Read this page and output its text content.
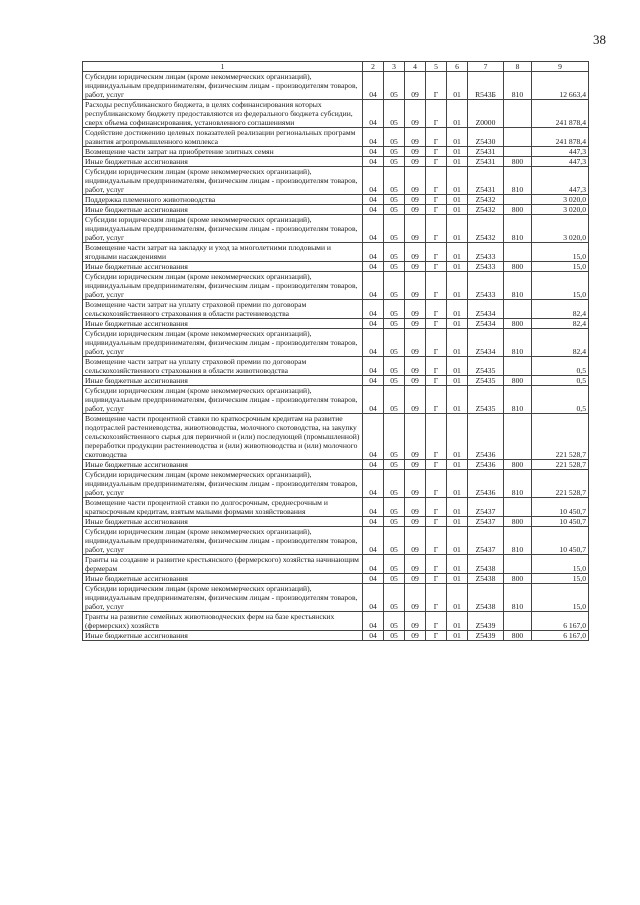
38
1	2	3	4	5	6	7	8	9
Субсидии юридическим лицам (кроме некоммерческих организаций), индивидуальным предпринимателям, физическим лицам - производителям товаров, работ, услуг	04	05	09	Г	01	R543Б	810	12 663,4
Расходы республиканского бюджета, в целях софинансирования которых республиканскому бюджету предоставляются из федерального бюджета субсидии, сверх объема софинансирования, установленного соглашениями	04	05	09	Г	01	Z0000		241 878,4
Содействие достижению целевых показателей реализации региональных программ развития агропромышленного комплекса	04	05	09	Г	01	Z5430		241 878,4
Возмещение части затрат на приобретение элитных семян	04	05	09	Г	01	Z5431		447,3
Иные бюджетные ассигнования	04	05	09	Г	01	Z5431	800	447,3
Субсидии юридическим лицам (кроме некоммерческих организаций), индивидуальным предпринимателям, физическим лицам - производителям товаров, работ, услуг	04	05	09	Г	01	Z5431	810	447,3
Поддержка племенного животноводства	04	05	09	Г	01	Z5432		3 020,0
Иные бюджетные ассигнования	04	05	09	Г	01	Z5432	800	3 020,0
Субсидии юридическим лицам (кроме некоммерческих организаций), индивидуальным предпринимателям, физическим лицам - производителям товаров, работ, услуг	04	05	09	Г	01	Z5432	810	3 020,0
Возмещение части затрат на закладку и уход за многолетними плодовыми и ягодными насаждениями	04	05	09	Г	01	Z5433		15,0
Иные бюджетные ассигнования	04	05	09	Г	01	Z5433	800	15,0
Субсидии юридическим лицам (кроме некоммерческих организаций), индивидуальным предпринимателям, физическим лицам - производителям товаров, работ, услуг	04	05	09	Г	01	Z5433	810	15,0
Возмещение части затрат на уплату страховой премии по договорам сельскохозяйственного страхования в области растениеводства	04	05	09	Г	01	Z5434		82,4
Иные бюджетные ассигнования	04	05	09	Г	01	Z5434	800	82,4
Субсидии юридическим лицам (кроме некоммерческих организаций), индивидуальным предпринимателям, физическим лицам - производителям товаров, работ, услуг	04	05	09	Г	01	Z5434	810	82,4
Возмещение части затрат на уплату страховой премии по договорам сельскохозяйственного страхования в области животноводства	04	05	09	Г	01	Z5435		0,5
Иные бюджетные ассигнования	04	05	09	Г	01	Z5435	800	0,5
Субсидии юридическим лицам (кроме некоммерческих организаций), индивидуальным предпринимателям, физическим лицам - производителям товаров, работ, услуг	04	05	09	Г	01	Z5435	810	0,5
Возмещение части процентной ставки по краткосрочным кредитам на развитие подотраслей растениеводства, животноводства, молочного скотоводства, на закупку сельскохозяйственного сырья для первичной и (или) последующей (промышленной) переработки продукции растениеводства и (или) животноводства и (или) молочного скотоводства	04	05	09	Г	01	Z5436		221 528,7
Иные бюджетные ассигнования	04	05	09	Г	01	Z5436	800	221 528,7
Субсидии юридическим лицам (кроме некоммерческих организаций), индивидуальным предпринимателям, физическим лицам - производителям товаров, работ, услуг	04	05	09	Г	01	Z5436	810	221 528,7
Возмещение части процентной ставки по долгосрочным, среднесрочным и краткосрочным кредитам, взятым малыми формами хозяйствования	04	05	09	Г	01	Z5437		10 450,7
Иные бюджетные ассигнования	04	05	09	Г	01	Z5437	800	10 450,7
Субсидии юридическим лицам (кроме некоммерческих организаций), индивидуальным предпринимателям, физическим лицам - производителям товаров, работ, услуг	04	05	09	Г	01	Z5437	810	10 450,7
Гранты на создание и развитие крестьянского (фермерского) хозяйства начинающим фермерам	04	05	09	Г	01	Z5438		15,0
Иные бюджетные ассигнования	04	05	09	Г	01	Z5438	800	15,0
Субсидии юридическим лицам (кроме некоммерческих организаций), индивидуальным предпринимателям, физическим лицам - производителям товаров, работ, услуг	04	05	09	Г	01	Z5438	810	15,0
Гранты на развитие семейных животноводческих ферм на базе крестьянских (фермерских) хозяйств	04	05	09	Г	01	Z5439		6 167,0
Иные бюджетные ассигнования	04	05	09	Г	01	Z5439	800	6 167,0
